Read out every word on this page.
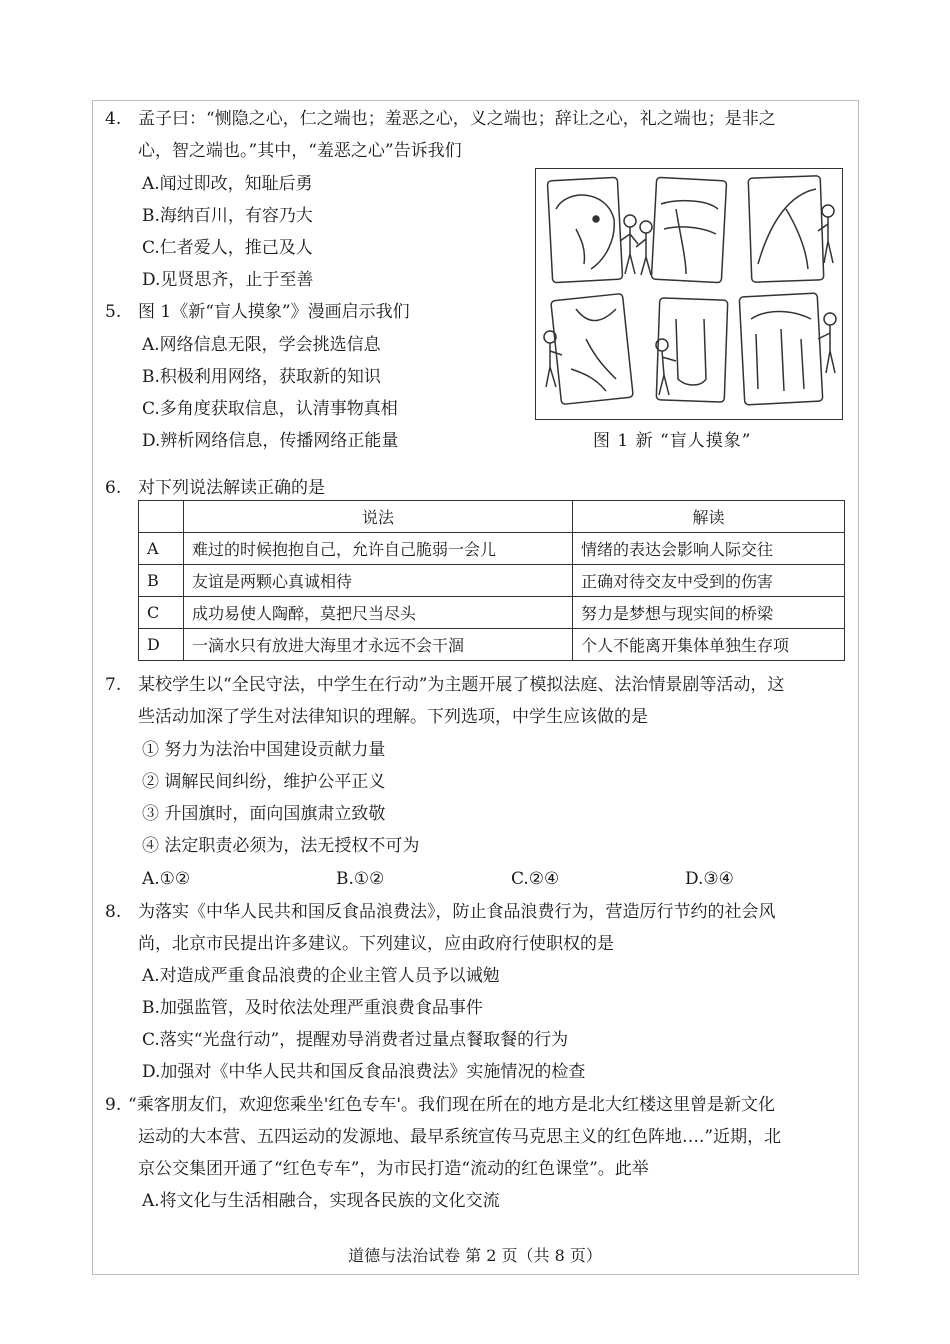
4. 孟子曰：“恻隐之心，仁之端也；羞恶之心，义之端也；辞让之心，礼之端也；是非之
心，智之端也。”其中，“羞恶之心”告诉我们
A.闻过即改，知耻后勇
B.海纳百川，有容乃大
C.仁者爱人，推己及人
D.见贤思齐，止于至善
图 1 新 “盲人摸象”
5. 图 1《新“盲人摸象”》漫画启示我们
A.网络信息无限，学会挑选信息
B.积极利用网络，获取新的知识
C.多角度获取信息，认清事物真相
D.辨析网络信息，传播网络正能量
6. 对下列说法解读正确的是
	说法	解读
A	难过的时候抱抱自己，允许自己脆弱一会儿	情绪的表达会影响人际交往
B	友谊是两颗心真诚相待	正确对待交友中受到的伤害
C	成功易使人陶醉，莫把尺当尽头	努力是梦想与现实间的桥梁
D	一滴水只有放进大海里才永远不会干涸	个人不能离开集体单独生存项
7. 某校学生以“全民守法，中学生在行动”为主题开展了模拟法庭、法治情景剧等活动，这
些活动加深了学生对法律知识的理解。下列选项，中学生应该做的是
① 努力为法治中国建设贡献力量
② 调解民间纠纷，维护公平正义
③ 升国旗时，面向国旗肃立致敬
④ 法定职责必须为，法无授权不可为
A.①②	B.①②	C.②④	D.③④
8. 为落实《中华人民共和国反食品浪费法》，防止食品浪费行为，营造厉行节约的社会风
尚，北京市民提出许多建议。下列建议，应由政府行使职权的是
A.对造成严重食品浪费的企业主管人员予以诫勉
B.加强监管，及时依法处理严重浪费食品事件
C.落实“光盘行动”，提醒劝导消费者过量点餐取餐的行为
D.加强对《中华人民共和国反食品浪费法》实施情况的检查
9. “乘客朋友们，欢迎您乘坐'红色专车'。我们现在所在的地方是北大红楼这里曾是新文化
运动的大本营、五四运动的发源地、最早系统宣传马克思主义的红色阵地….”近期，北
京公交集团开通了“红色专车”，为市民打造“流动的红色课堂”。此举
A.将文化与生活相融合，实现各民族的文化交流
道德与法治试卷 第 2 页（共 8 页）
